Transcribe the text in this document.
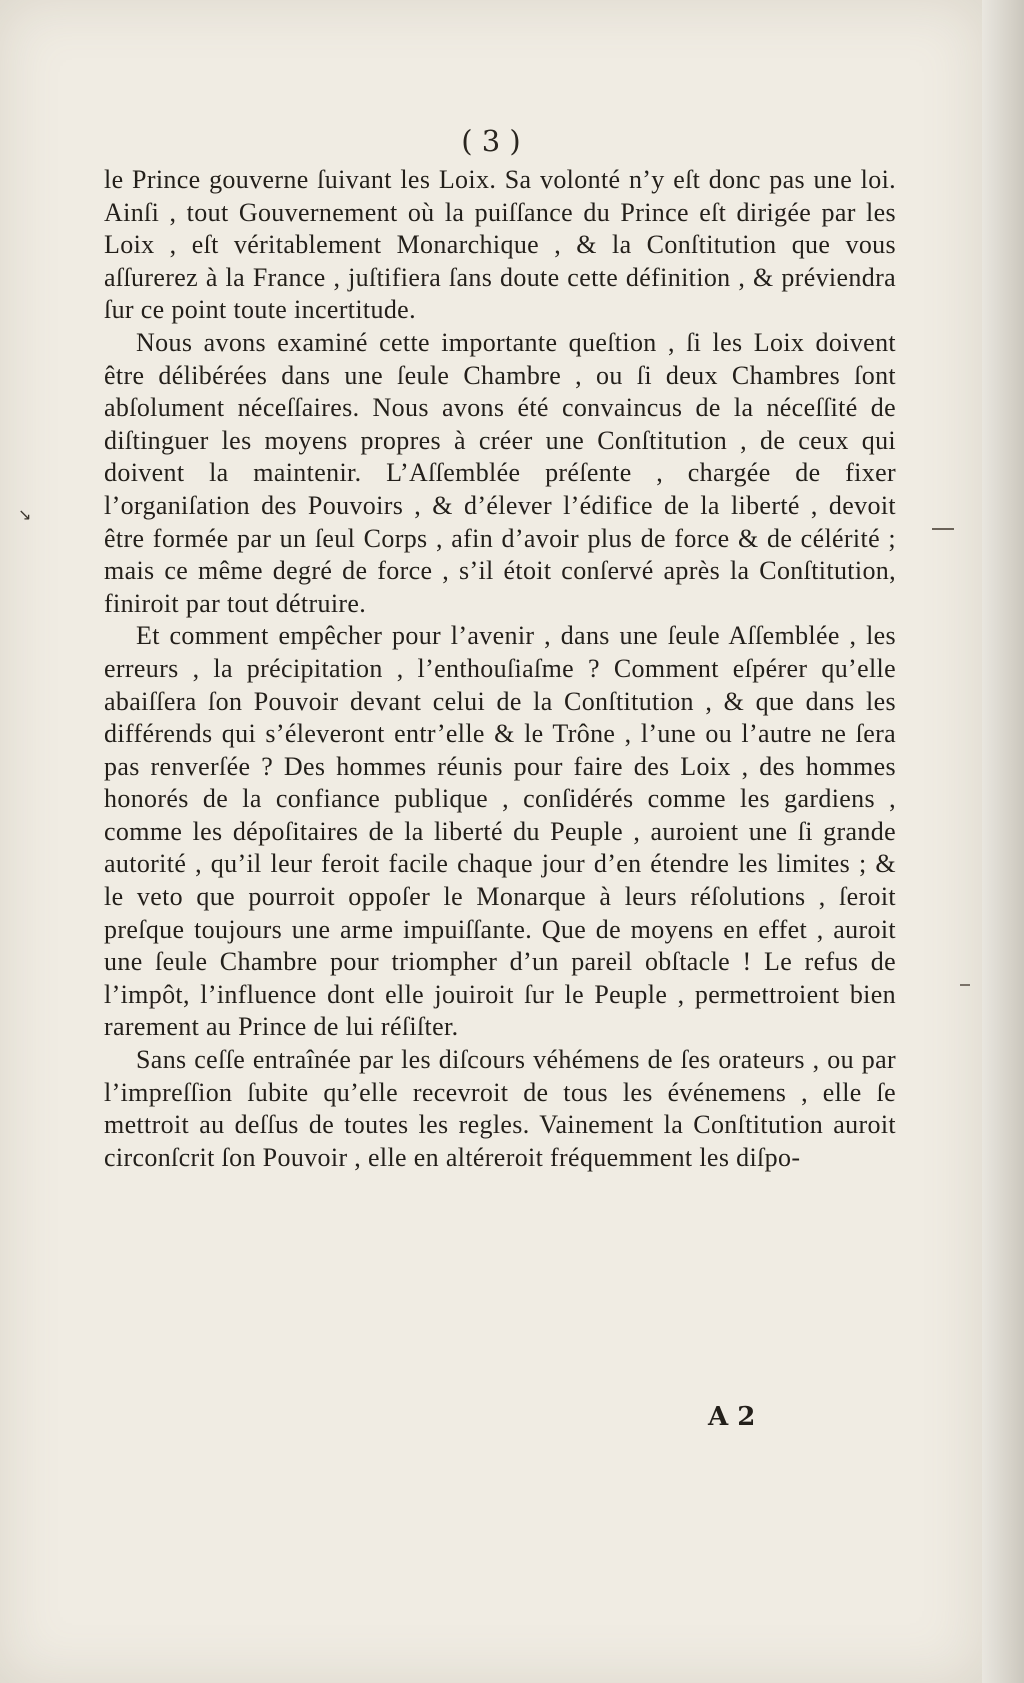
( 3 )

le Prince gouverne ſuivant les Loix. Sa volonté n’y eſt donc pas une loi. Ainſi , tout Gouvernement où la puiſſance du Prince eſt dirigée par les Loix , eſt véritablement Monarchique , & la Conſtitution que vous aſſurerez à la France , juſtifiera ſans doute cette définition , & préviendra ſur ce point toute incertitude.

Nous avons examiné cette importante queſtion , ſi les Loix doivent être délibérées dans une ſeule Chambre , ou ſi deux Chambres ſont abſolument néceſſaires. Nous avons été convaincus de la néceſſité de diſtinguer les moyens propres à créer une Conſtitution , de ceux qui doivent la maintenir. L’Aſſemblée préſente , chargée de fixer l’organiſation des Pouvoirs , & d’élever l’édifice de la liberté , devoit être formée par un ſeul Corps , afin d’avoir plus de force & de célérité ; mais ce même degré de force , s’il étoit conſervé après la Conſtitution, finiroit par tout détruire.

Et comment empêcher pour l’avenir , dans une ſeule Aſſemblée , les erreurs , la précipitation , l’enthouſiaſme ? Comment eſpérer qu’elle abaiſſera ſon Pouvoir devant celui de la Conſtitution , & que dans les différends qui s’éleveront entr’elle & le Trône , l’une ou l’autre ne ſera pas renverſée ? Des hommes réunis pour faire des Loix , des hommes honorés de la confiance publique , conſidérés comme les gardiens , comme les dépoſitaires de la liberté du Peuple , auroient une ſi grande autorité , qu’il leur feroit facile chaque jour d’en étendre les limites ; & le veto que pourroit oppoſer le Monarque à leurs réſolutions , ſeroit preſque toujours une arme impuiſſante. Que de moyens en effet , auroit une ſeule Chambre pour triompher d’un pareil obſtacle ! Le refus de l’impôt, l’influence dont elle jouiroit ſur le Peuple , permettroient bien rarement au Prince de lui réſiſter.

Sans ceſſe entraînée par les diſcours véhémens de ſes orateurs , ou par l’impreſſion ſubite qu’elle recevroit de tous les événemens , elle ſe mettroit au deſſus de toutes les regles. Vainement la Conſtitution auroit circonſcrit ſon Pouvoir , elle en altéreroit fréquemment les diſpo-

A 2
↘
